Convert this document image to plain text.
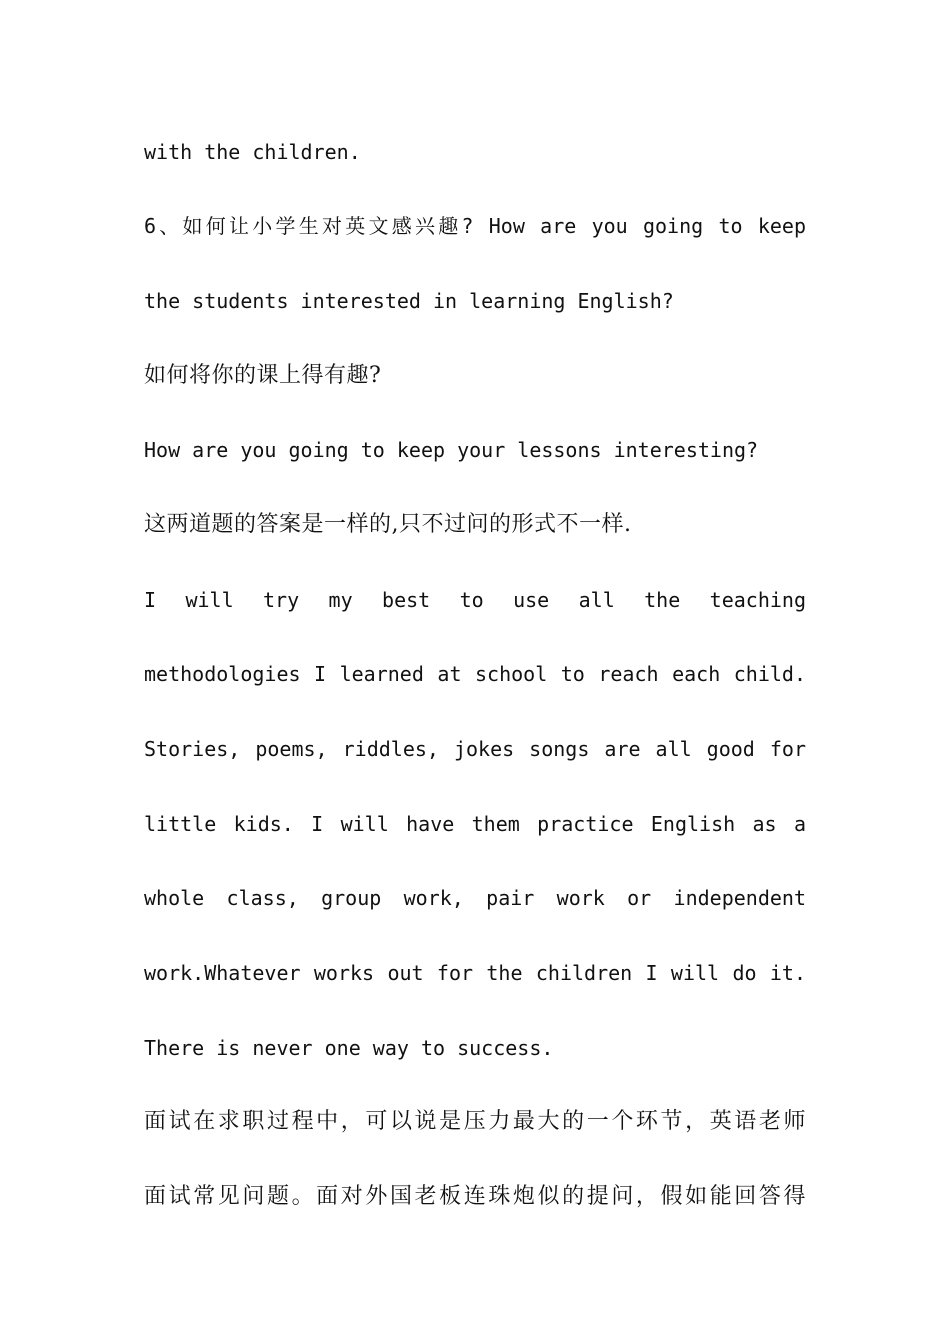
with the children.
6、如何让小学生对英文感兴趣? How are you going to keep
the students interested in learning English?
如何将你的课上得有趣?
How are you going to keep your lessons interesting?
这两道题的答案是一样的,只不过问的形式不一样.
I will try my best to use all the teaching
methodologies I learned at school to reach each child.
Stories, poems, riddles, jokes songs are all good for
little kids. I will have them practice English as a
whole class, group work, pair work or independent
work.Whatever works out for the children I will do it.
There is never one way to success.
面试在求职过程中，可以说是压力最大的一个环节，英语老师
面试常见问题。面对外国老板连珠炮似的提问，假如能回答得
